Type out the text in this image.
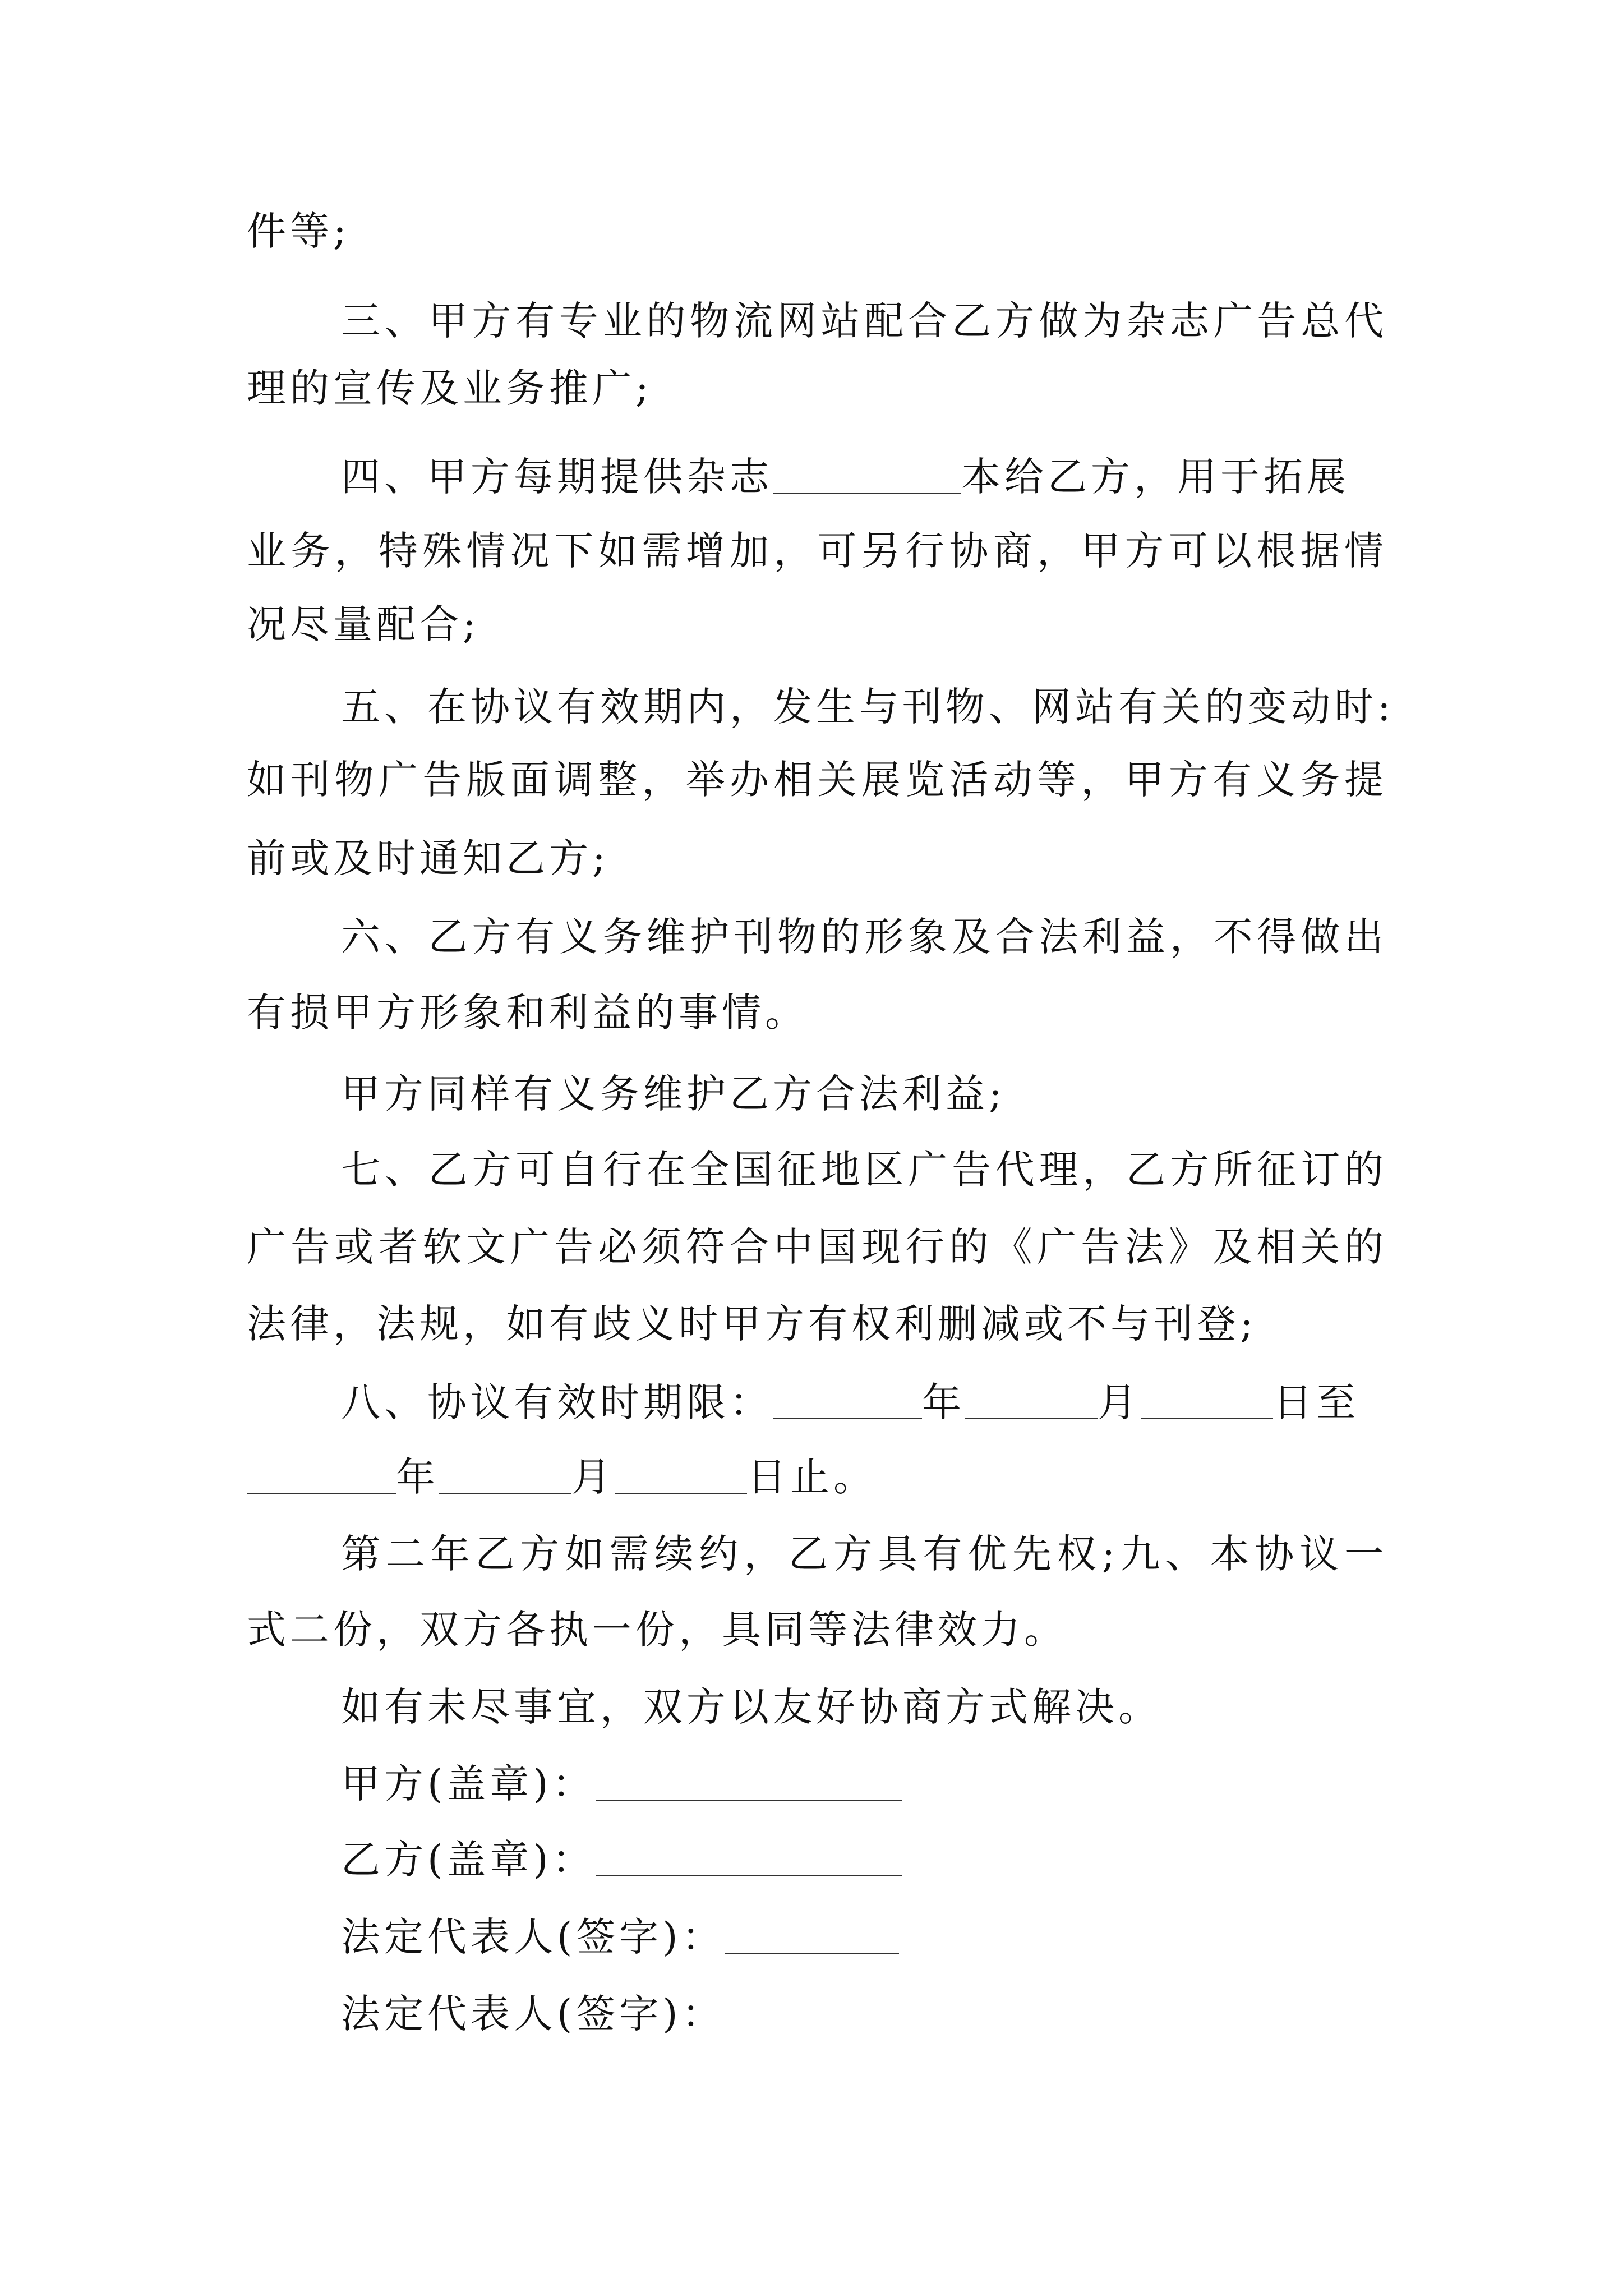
件等;
三、甲方有专业的物流网站配合乙方做为杂志广告总代
理的宣传及业务推广;
四、甲方每期提供杂志	本给乙方，用于拓展
业务，特殊情况下如需增加，可另行协商，甲方可以根据情
况尽量配合;
五、在协议有效期内，发生与刊物、网站有关的变动时:
如刊物广告版面调整，举办相关展览活动等，甲方有义务提
前或及时通知乙方;
六、乙方有义务维护刊物的形象及合法利益，不得做出
有损甲方形象和利益的事情。
甲方同样有义务维护乙方合法利益;
七、乙方可自行在全国征地区广告代理，乙方所征订的
广告或者软文广告必须符合中国现行的《广告法》及相关的
法律，法规，如有歧义时甲方有权利删减或不与刊登;
八、协议有效时期限：	年	月	日至
年	月	日止。
第二年乙方如需续约，乙方具有优先权;九、本协议一
式二份，双方各执一份，具同等法律效力。
如有未尽事宜，双方以友好协商方式解决。
甲方(盖章)：
乙方(盖章)：
法定代表人(签字)：
法定代表人(签字)：
